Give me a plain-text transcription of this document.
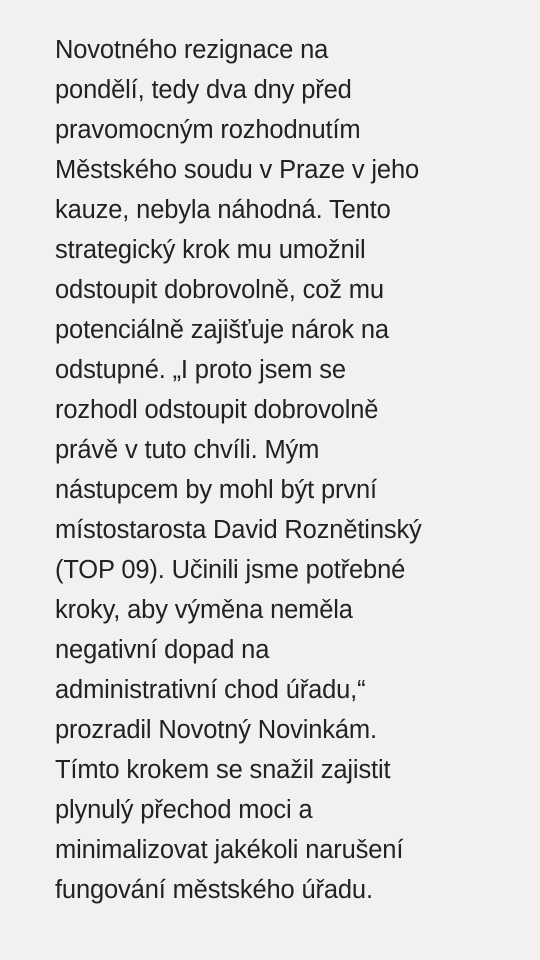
Novotného rezignace na
pondělí, tedy dva dny před
pravomocným rozhodnutím
Městského soudu v Praze v jeho
kauze, nebyla náhodná. Tento
strategický krok mu umožnil
odstoupit dobrovolně, což mu
potenciálně zajišťuje nárok na
odstupné. „I proto jsem se
rozhodl odstoupit dobrovolně
právě v tuto chvíli. Mým
nástupcem by mohl být první
místostarosta David Roznětinský
(TOP 09). Učinili jsme potřebné
kroky, aby výměna neměla
negativní dopad na
administrativní chod úřadu,“
prozradil Novotný Novinkám.
Tímto krokem se snažil zajistit
plynulý přechod moci a
minimalizovat jakékoli narušení
fungování městského úřadu.
